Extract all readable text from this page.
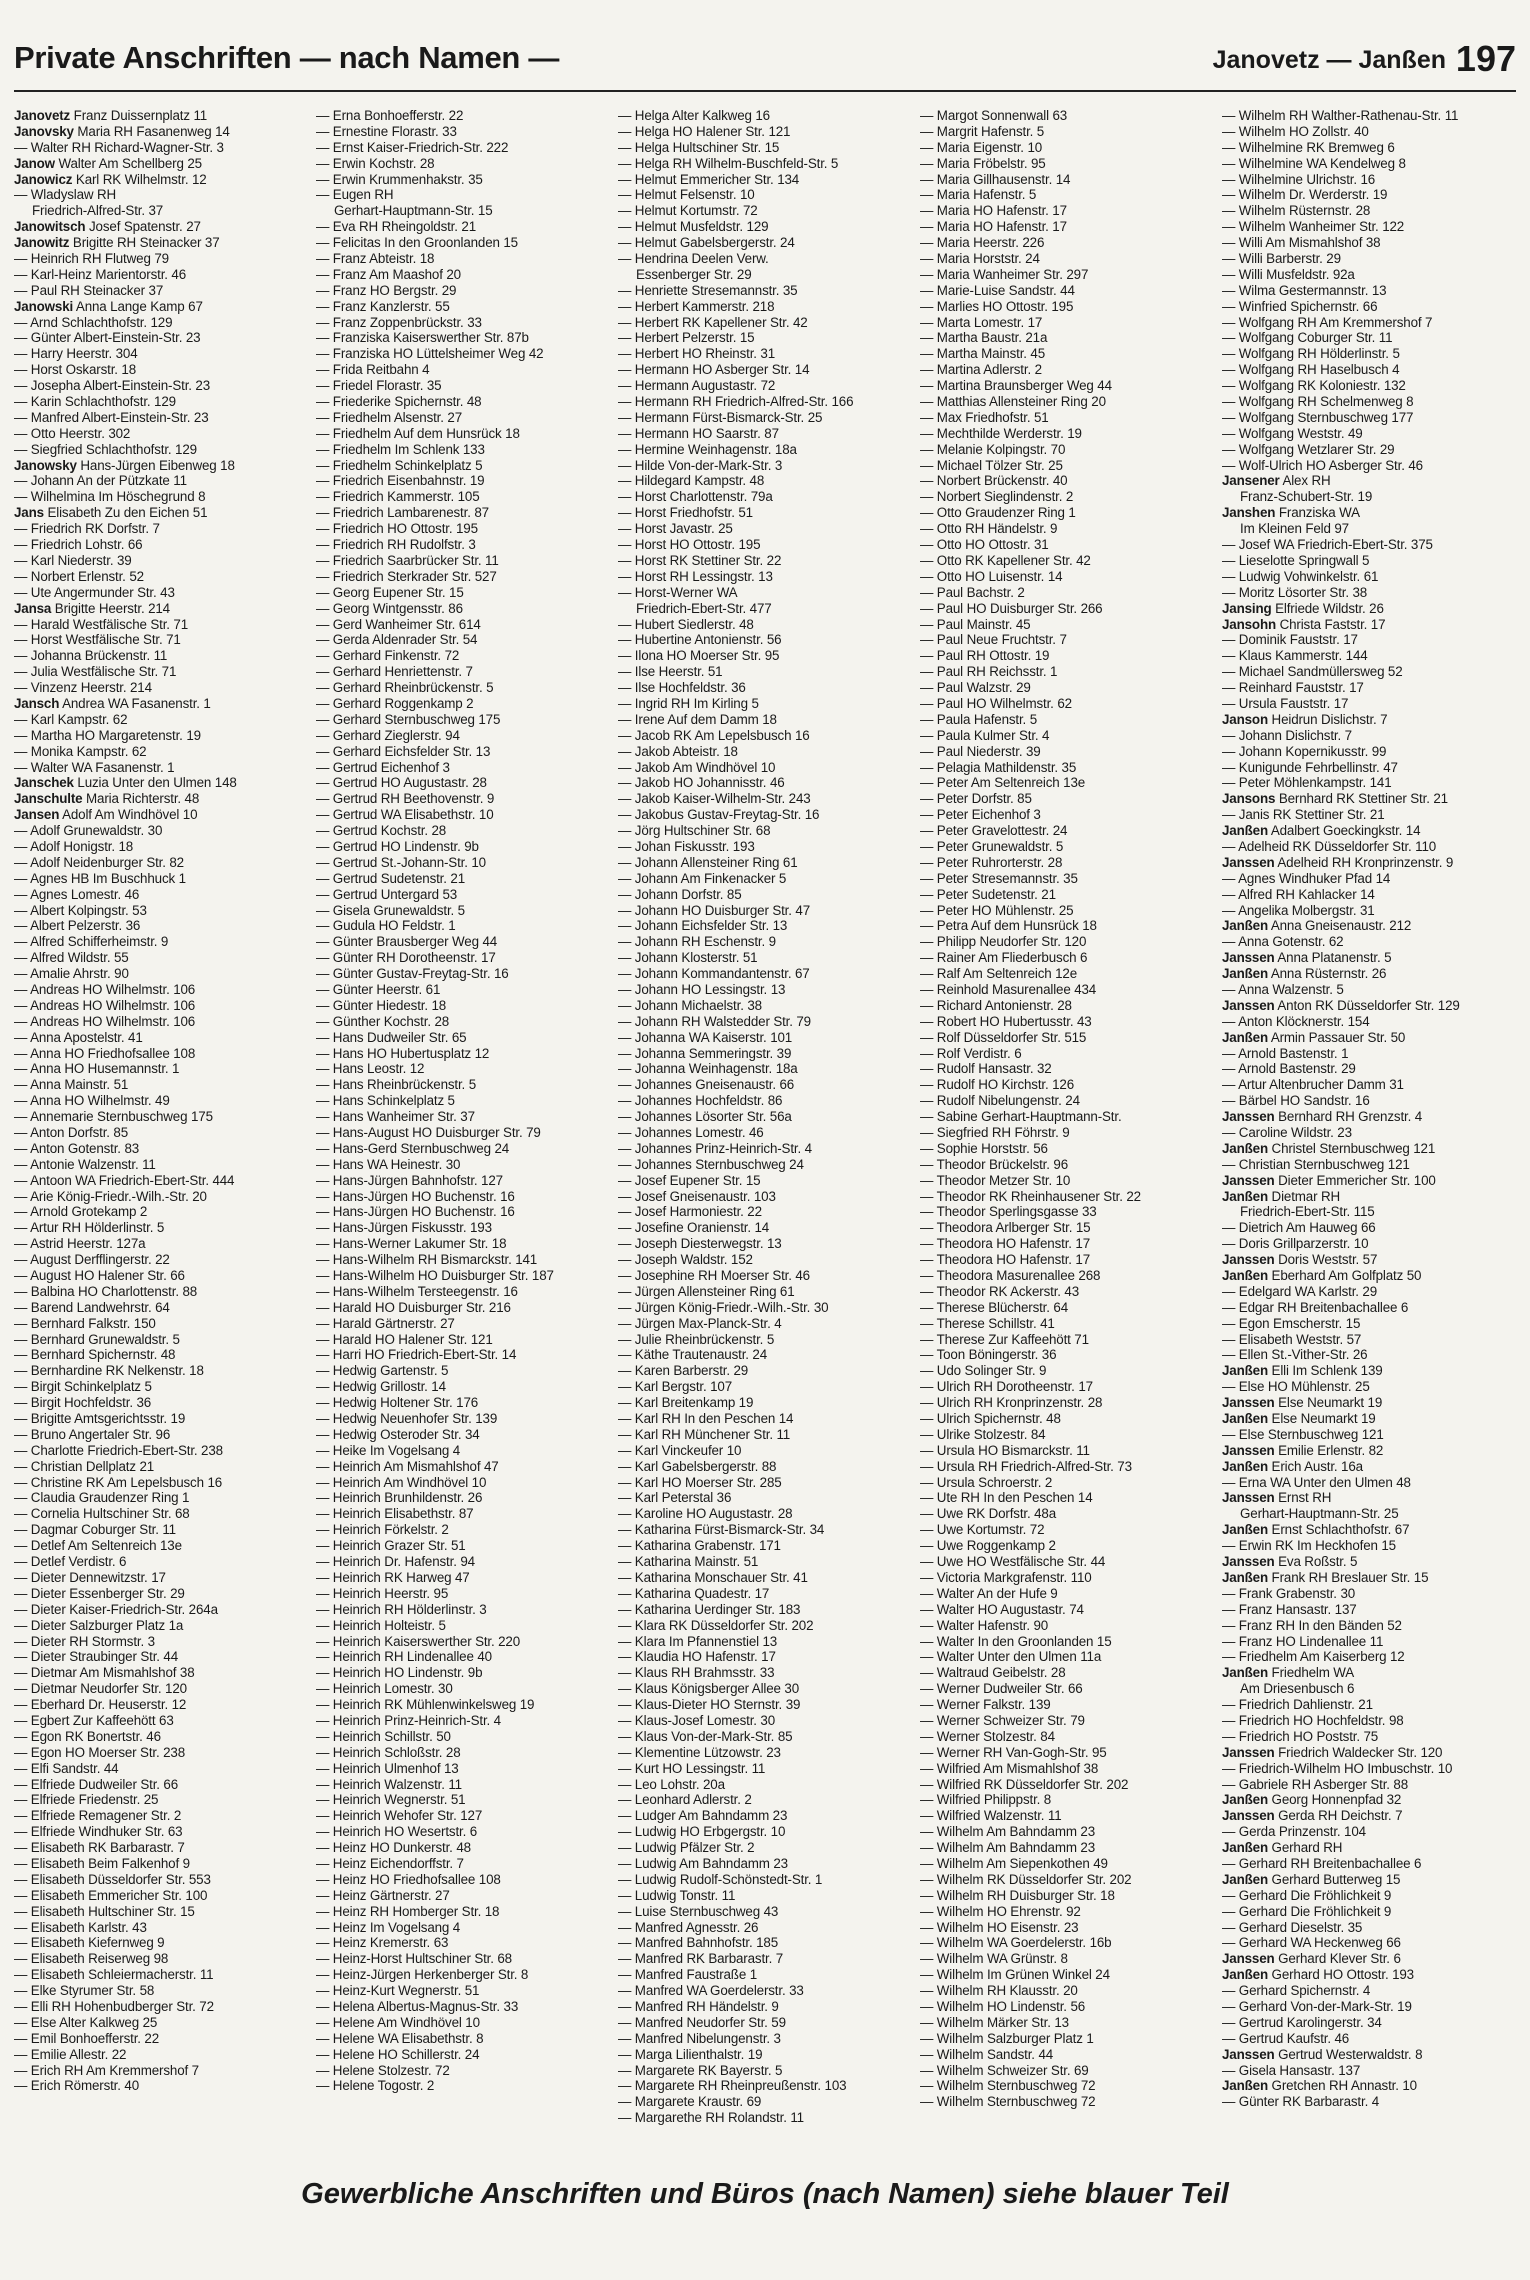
Private Anschriften — nach Namen —	Janovetz — Janßen 197
Janovetz Franz Duissernplatz 11
Janovsky Maria RH Fasanenweg 14
— Walter RH Richard-Wagner-Str. 3
Janow Walter Am Schellberg 25
Janowicz Karl RK Wilhelmstr. 12
— Wladyslaw RH
Friedrich-Alfred-Str. 37
Janowitsch Josef Spatenstr. 27
Janowitz Brigitte RH Steinacker 37
— Heinrich RH Flutweg 79
— Karl-Heinz Marientorstr. 46
— Paul RH Steinacker 37
Janowski Anna Lange Kamp 67
— Arnd Schlachthofstr. 129
— Günter Albert-Einstein-Str. 23
— Harry Heerstr. 304
— Horst Oskarstr. 18
— Josepha Albert-Einstein-Str. 23
— Karin Schlachthofstr. 129
— Manfred Albert-Einstein-Str. 23
— Otto Heerstr. 302
— Siegfried Schlachthofstr. 129
Janowsky Hans-Jürgen Eibenweg 18
— Johann An der Pützkate 11
— Wilhelmina Im Höschegrund 8
Jans Elisabeth Zu den Eichen 51
— Friedrich RK Dorfstr. 7
— Friedrich Lohstr. 66
— Karl Niederstr. 39
— Norbert Erlenstr. 52
— Ute Angermunder Str. 43
Jansa Brigitte Heerstr. 214
— Harald Westfälische Str. 71
— Horst Westfälische Str. 71
— Johanna Brückenstr. 11
— Julia Westfälische Str. 71
— Vinzenz Heerstr. 214
Jansch Andrea WA Fasanenstr. 1
— Karl Kampstr. 62
— Martha HO Margaretenstr. 19
— Monika Kampstr. 62
— Walter WA Fasanenstr. 1
Janschek Luzia Unter den Ulmen 148
Janschulte Maria Richterstr. 48
Jansen Adolf Am Windhövel 10
— Adolf Grunewaldstr. 30
— Adolf Honigstr. 18
— Adolf Neidenburger Str. 82
— Agnes HB Im Buschhuck 1
— Agnes Lomestr. 46
— Albert Kolpingstr. 53
— Albert Pelzerstr. 36
— Alfred Schifferheimstr. 9
— Alfred Wildstr. 55
— Amalie Ahrstr. 90
— Andreas HO Wilhelmstr. 106
— Andreas HO Wilhelmstr. 106
— Andreas HO Wilhelmstr. 106
— Anna Apostelstr. 41
— Anna HO Friedhofsallee 108
— Anna HO Husemannstr. 1
— Anna Mainstr. 51
— Anna HO Wilhelmstr. 49
— Annemarie Sternbuschweg 175
— Anton Dorfstr. 85
— Anton Gotenstr. 83
— Antonie Walzenstr. 11
— Antoon WA Friedrich-Ebert-Str. 444
— Arie König-Friedr.-Wilh.-Str. 20
— Arnold Grotekamp 2
— Artur RH Hölderlinstr. 5
— Astrid Heerstr. 127a
— August Derfflingerstr. 22
— August HO Halener Str. 66
— Balbina HO Charlottenstr. 88
— Barend Landwehrstr. 64
— Bernhard Falkstr. 150
— Bernhard Grunewaldstr. 5
— Bernhard Spichernstr. 48
— Bernhardine RK Nelkenstr. 18
— Birgit Schinkelplatz 5
— Birgit Hochfeldstr. 36
— Brigitte Amtsgerichtsstr. 19
— Bruno Angertaler Str. 96
— Charlotte Friedrich-Ebert-Str. 238
— Christian Dellplatz 21
— Christine RK Am Lepelsbusch 16
— Claudia Graudenzer Ring 1
— Cornelia Hultschiner Str. 68
— Dagmar Coburger Str. 11
— Detlef Am Seltenreich 13e
— Detlef Verdistr. 6
— Dieter Dennewitzstr. 17
— Dieter Essenberger Str. 29
— Dieter Kaiser-Friedrich-Str. 264a
— Dieter Salzburger Platz 1a
— Dieter RH Stormstr. 3
— Dieter Straubinger Str. 44
— Dietmar Am Mismahlshof 38
— Dietmar Neudorfer Str. 120
— Eberhard Dr. Heuserstr. 12
— Egbert Zur Kaffeehött 63
— Egon RK Bonertstr. 46
— Egon HO Moerser Str. 238
— Elfi Sandstr. 44
— Elfriede Dudweiler Str. 66
— Elfriede Friedenstr. 25
— Elfriede Remagener Str. 2
— Elfriede Windhuker Str. 63
— Elisabeth RK Barbarastr. 7
— Elisabeth Beim Falkenhof 9
— Elisabeth Düsseldorfer Str. 553
— Elisabeth Emmericher Str. 100
— Elisabeth Hultschiner Str. 15
— Elisabeth Karlstr. 43
— Elisabeth Kiefernweg 9
— Elisabeth Reiserweg 98
— Elisabeth Schleiermacherstr. 11
— Elke Styrumer Str. 58
— Elli RH Hohenbudberger Str. 72
— Else Alter Kalkweg 25
— Emil Bonhoefferstr. 22
— Emilie Allestr. 22
— Erich RH Am Kremmershof 7
— Erich Römerstr. 40
— Erna Bonhoefferstr. 22
— Ernestine Florastr. 33
— Ernst Kaiser-Friedrich-Str. 222
— Erwin Kochstr. 28
— Erwin Krummenhakstr. 35
— Eugen RH
Gerhart-Hauptmann-Str. 15
— Eva RH Rheingoldstr. 21
— Felicitas In den Groonlanden 15
— Franz Abteistr. 18
— Franz Am Maashof 20
— Franz HO Bergstr. 29
— Franz Kanzlerstr. 55
— Franz Zoppenbrückstr. 33
— Franziska Kaiserswerther Str. 87b
— Franziska HO Lüttelsheimer Weg 42
— Frida Reitbahn 4
— Friedel Florastr. 35
— Friederike Spichernstr. 48
— Friedhelm Alsenstr. 27
— Friedhelm Auf dem Hunsrück 18
— Friedhelm Im Schlenk 133
— Friedhelm Schinkelplatz 5
— Friedrich Eisenbahnstr. 19
— Friedrich Kammerstr. 105
— Friedrich Lambarenestr. 87
— Friedrich HO Ottostr. 195
— Friedrich RH Rudolfstr. 3
— Friedrich Saarbrücker Str. 11
— Friedrich Sterkrader Str. 527
— Georg Eupener Str. 15
— Georg Wintgensstr. 86
— Gerd Wanheimer Str. 614
— Gerda Aldenrader Str. 54
— Gerhard Finkenstr. 72
— Gerhard Henriettenstr. 7
— Gerhard Rheinbrückenstr. 5
— Gerhard Roggenkamp 2
— Gerhard Sternbuschweg 175
— Gerhard Zieglerstr. 94
— Gerhard Eichsfelder Str. 13
— Gertrud Eichenhof 3
— Gertrud HO Augustastr. 28
— Gertrud RH Beethovenstr. 9
— Gertrud WA Elisabethstr. 10
— Gertrud Kochstr. 28
— Gertrud HO Lindenstr. 9b
— Gertrud St.-Johann-Str. 10
— Gertrud Sudetenstr. 21
— Gertrud Untergard 53
— Gisela Grunewaldstr. 5
— Gudula HO Feldstr. 1
— Günter Brausberger Weg 44
— Günter RH Dorotheenstr. 17
— Günter Gustav-Freytag-Str. 16
— Günter Heerstr. 61
— Günter Hiedestr. 18
— Günther Kochstr. 28
— Hans Dudweiler Str. 65
— Hans HO Hubertusplatz 12
— Hans Leostr. 12
— Hans Rheinbrückenstr. 5
— Hans Schinkelplatz 5
— Hans Wanheimer Str. 37
— Hans-August HO Duisburger Str. 79
— Hans-Gerd Sternbuschweg 24
— Hans WA Heinestr. 30
— Hans-Jürgen Bahnhofstr. 127
— Hans-Jürgen HO Buchenstr. 16
— Hans-Jürgen HO Buchenstr. 16
— Hans-Jürgen Fiskusstr. 193
— Hans-Werner Lakumer Str. 18
— Hans-Wilhelm RH Bismarckstr. 141
— Hans-Wilhelm HO Duisburger Str. 187
— Hans-Wilhelm Tersteegenstr. 16
— Harald HO Duisburger Str. 216
— Harald Gärtnerstr. 27
— Harald HO Halener Str. 121
— Harri HO Friedrich-Ebert-Str. 14
— Hedwig Gartenstr. 5
— Hedwig Grillostr. 14
— Hedwig Holtener Str. 176
— Hedwig Neuenhofer Str. 139
— Hedwig Osteroder Str. 34
— Heike Im Vogelsang 4
— Heinrich Am Mismahlshof 47
— Heinrich Am Windhövel 10
— Heinrich Brunhildenstr. 26
— Heinrich Elisabethstr. 87
— Heinrich Förkelstr. 2
— Heinrich Grazer Str. 51
— Heinrich Dr. Hafenstr. 94
— Heinrich RK Harweg 47
— Heinrich Heerstr. 95
— Heinrich RH Hölderlinstr. 3
— Heinrich Holteistr. 5
— Heinrich Kaiserswerther Str. 220
— Heinrich RH Lindenallee 40
— Heinrich HO Lindenstr. 9b
— Heinrich Lomestr. 30
— Heinrich RK Mühlenwinkelsweg 19
— Heinrich Prinz-Heinrich-Str. 4
— Heinrich Schillstr. 50
— Heinrich Schloßstr. 28
— Heinrich Ulmenhof 13
— Heinrich Walzenstr. 11
— Heinrich Wegnerstr. 51
— Heinrich Wehofer Str. 127
— Heinrich HO Wesertstr. 6
— Heinz HO Dunkerstr. 48
— Heinz Eichendorffstr. 7
— Heinz HO Friedhofsallee 108
— Heinz Gärtnerstr. 27
— Heinz RH Homberger Str. 18
— Heinz Im Vogelsang 4
— Heinz Kremerstr. 63
— Heinz-Horst Hultschiner Str. 68
— Heinz-Jürgen Herkenberger Str. 8
— Heinz-Kurt Wegnerstr. 51
— Helena Albertus-Magnus-Str. 33
— Helene Am Windhövel 10
— Helene WA Elisabethstr. 8
— Helene HO Schillerstr. 24
— Helene Stolzestr. 72
— Helene Togostr. 2
— Helga Alter Kalkweg 16
— Helga HO Halener Str. 121
— Helga Hultschiner Str. 15
— Helga RH Wilhelm-Buschfeld-Str. 5
— Helmut Emmericher Str. 134
— Helmut Felsenstr. 10
— Helmut Kortumstr. 72
— Helmut Musfeldstr. 129
— Helmut Gabelsbergerstr. 24
— Hendrina Deelen Verw.
Essenberger Str. 29
— Henriette Stresemannstr. 35
— Herbert Kammerstr. 218
— Herbert RK Kapellener Str. 42
— Herbert Pelzerstr. 15
— Herbert HO Rheinstr. 31
— Hermann HO Asberger Str. 14
— Hermann Augustastr. 72
— Hermann RH Friedrich-Alfred-Str. 166
— Hermann Fürst-Bismarck-Str. 25
— Hermann HO Saarstr. 87
— Hermine Weinhagenstr. 18a
— Hilde Von-der-Mark-Str. 3
— Hildegard Kampstr. 48
— Horst Charlottenstr. 79a
— Horst Friedhofstr. 51
— Horst Javastr. 25
— Horst HO Ottostr. 195
— Horst RK Stettiner Str. 22
— Horst RH Lessingstr. 13
— Horst-Werner WA
Friedrich-Ebert-Str. 477
— Hubert Siedlerstr. 48
— Hubertine Antonienstr. 56
— Ilona HO Moerser Str. 95
— Ilse Heerstr. 51
— Ilse Hochfeldstr. 36
— Ingrid RH Im Kirling 5
— Irene Auf dem Damm 18
— Jacob RK Am Lepelsbusch 16
— Jakob Abteistr. 18
— Jakob Am Windhövel 10
— Jakob HO Johannisstr. 46
— Jakob Kaiser-Wilhelm-Str. 243
— Jakobus Gustav-Freytag-Str. 16
— Jörg Hultschiner Str. 68
— Johan Fiskusstr. 193
— Johann Allensteiner Ring 61
— Johann Am Finkenacker 5
— Johann Dorfstr. 85
— Johann HO Duisburger Str. 47
— Johann Eichsfelder Str. 13
— Johann RH Eschenstr. 9
— Johann Klosterstr. 51
— Johann Kommandantenstr. 67
— Johann HO Lessingstr. 13
— Johann Michaelstr. 38
— Johann RH Walstedder Str. 79
— Johanna WA Kaiserstr. 101
— Johanna Semmeringstr. 39
— Johanna Weinhagenstr. 18a
— Johannes Gneisenaustr. 66
— Johannes Hochfeldstr. 86
— Johannes Lösorter Str. 56a
— Johannes Lomestr. 46
— Johannes Prinz-Heinrich-Str. 4
— Johannes Sternbuschweg 24
— Josef Eupener Str. 15
— Josef Gneisenaustr. 103
— Josef Harmoniestr. 22
— Josefine Oranienstr. 14
— Joseph Diesterwegstr. 13
— Joseph Waldstr. 152
— Josephine RH Moerser Str. 46
— Jürgen Allensteiner Ring 61
— Jürgen König-Friedr.-Wilh.-Str. 30
— Jürgen Max-Planck-Str. 4
— Julie Rheinbrückenstr. 5
— Käthe Trautenaustr. 24
— Karen Barberstr. 29
— Karl Bergstr. 107
— Karl Breitenkamp 19
— Karl RH In den Peschen 14
— Karl RH Münchener Str. 11
— Karl Vinckeufer 10
— Karl Gabelsbergerstr. 88
— Karl HO Moerser Str. 285
— Karl Peterstal 36
— Karoline HO Augustastr. 28
— Katharina Fürst-Bismarck-Str. 34
— Katharina Grabenstr. 171
— Katharina Mainstr. 51
— Katharina Monschauer Str. 41
— Katharina Quadestr. 17
— Katharina Uerdinger Str. 183
— Klara RK Düsseldorfer Str. 202
— Klara Im Pfannenstiel 13
— Klaudia HO Hafenstr. 17
— Klaus RH Brahmsstr. 33
— Klaus Königsberger Allee 30
— Klaus-Dieter HO Sternstr. 39
— Klaus-Josef Lomestr. 30
— Klaus Von-der-Mark-Str. 85
— Klementine Lützowstr. 23
— Kurt HO Lessingstr. 11
— Leo Lohstr. 20a
— Leonhard Adlerstr. 2
— Ludger Am Bahndamm 23
— Ludwig HO Erbgergstr. 10
— Ludwig Pfälzer Str. 2
— Ludwig Am Bahndamm 23
— Ludwig Rudolf-Schönstedt-Str. 1
— Ludwig Tonstr. 11
— Luise Sternbuschweg 43
— Manfred Agnesstr. 26
— Manfred Bahnhofstr. 185
— Manfred RK Barbarastr. 7
— Manfred Faustraße 1
— Manfred WA Goerdelerstr. 33
— Manfred RH Händelstr. 9
— Manfred Neudorfer Str. 59
— Manfred Nibelungenstr. 3
— Marga Lilienthalstr. 19
— Margarete RK Bayerstr. 5
— Margarete RH Rheinpreußenstr. 103
— Margarete Kraustr. 69
— Margarethe RH Rolandstr. 11
— Margot Sonnenwall 63
— Margrit Hafenstr. 5
— Maria Eigenstr. 10
— Maria Fröbelstr. 95
— Maria Gillhausenstr. 14
— Maria Hafenstr. 5
— Maria HO Hafenstr. 17
— Maria HO Hafenstr. 17
— Maria Heerstr. 226
— Maria Horststr. 24
— Maria Wanheimer Str. 297
— Marie-Luise Sandstr. 44
— Marlies HO Ottostr. 195
— Marta Lomestr. 17
— Martha Baustr. 21a
— Martha Mainstr. 45
— Martina Adlerstr. 2
— Martina Braunsberger Weg 44
— Matthias Allensteiner Ring 20
— Max Friedhofstr. 51
— Mechthilde Werderstr. 19
— Melanie Kolpingstr. 70
— Michael Tölzer Str. 25
— Norbert Brückenstr. 40
— Norbert Sieglindenstr. 2
— Otto Graudenzer Ring 1
— Otto RH Händelstr. 9
— Otto HO Ottostr. 31
— Otto RK Kapellener Str. 42
— Otto HO Luisenstr. 14
— Paul Bachstr. 2
— Paul HO Duisburger Str. 266
— Paul Mainstr. 45
— Paul Neue Fruchtstr. 7
— Paul RH Ottostr. 19
— Paul RH Reichsstr. 1
— Paul Walzstr. 29
— Paul HO Wilhelmstr. 62
— Paula Hafenstr. 5
— Paula Kulmer Str. 4
— Paul Niederstr. 39
— Pelagia Mathildenstr. 35
— Peter Am Seltenreich 13e
— Peter Dorfstr. 85
— Peter Eichenhof 3
— Peter Gravelottestr. 24
— Peter Grunewaldstr. 5
— Peter Ruhrorterstr. 28
— Peter Stresemannstr. 35
— Peter Sudetenstr. 21
— Peter HO Mühlenstr. 25
— Petra Auf dem Hunsrück 18
— Philipp Neudorfer Str. 120
— Rainer Am Fliederbusch 6
— Ralf Am Seltenreich 12e
— Reinhold Masurenallee 434
— Richard Antonienstr. 28
— Robert HO Hubertusstr. 43
— Rolf Düsseldorfer Str. 515
— Rolf Verdistr. 6
— Rudolf Hansastr. 32
— Rudolf HO Kirchstr. 126
— Rudolf Nibelungenstr. 24
— Sabine Gerhart-Hauptmann-Str.
— Siegfried RH Föhrstr. 9
— Sophie Horststr. 56
— Theodor Brückelstr. 96
— Theodor Metzer Str. 10
— Theodor RK Rheinhausener Str. 22
— Theodor Sperlingsgasse 33
— Theodora Arlberger Str. 15
— Theodora HO Hafenstr. 17
— Theodora HO Hafenstr. 17
— Theodora Masurenallee 268
— Theodor RK Ackerstr. 43
— Therese Blücherstr. 64
— Therese Schillstr. 41
— Therese Zur Kaffeehött 71
— Toon Böningerstr. 36
— Udo Solinger Str. 9
— Ulrich RH Dorotheenstr. 17
— Ulrich RH Kronprinzenstr. 28
— Ulrich Spichernstr. 48
— Ulrike Stolzestr. 84
— Ursula HO Bismarckstr. 11
— Ursula RH Friedrich-Alfred-Str. 73
— Ursula Schroerstr. 2
— Ute RH In den Peschen 14
— Uwe RK Dorfstr. 48a
— Uwe Kortumstr. 72
— Uwe Roggenkamp 2
— Uwe HO Westfälische Str. 44
— Victoria Markgrafenstr. 110
— Walter An der Hufe 9
— Walter HO Augustastr. 74
— Walter Hafenstr. 90
— Walter In den Groonlanden 15
— Walter Unter den Ulmen 11a
— Waltraud Geibelstr. 28
— Werner Dudweiler Str. 66
— Werner Falkstr. 139
— Werner Schweizer Str. 79
— Werner Stolzestr. 84
— Werner RH Van-Gogh-Str. 95
— Wilfried Am Mismahlshof 38
— Wilfried RK Düsseldorfer Str. 202
— Wilfried Philippstr. 8
— Wilfried Walzenstr. 11
— Wilhelm Am Bahndamm 23
— Wilhelm Am Bahndamm 23
— Wilhelm Am Siepenkothen 49
— Wilhelm RK Düsseldorfer Str. 202
— Wilhelm RH Duisburger Str. 18
— Wilhelm HO Ehrenstr. 92
— Wilhelm HO Eisenstr. 23
— Wilhelm WA Goerdelerstr. 16b
— Wilhelm WA Grünstr. 8
— Wilhelm Im Grünen Winkel 24
— Wilhelm RH Klausstr. 20
— Wilhelm HO Lindenstr. 56
— Wilhelm Märker Str. 13
— Wilhelm Salzburger Platz 1
— Wilhelm Sandstr. 44
— Wilhelm Schweizer Str. 69
— Wilhelm Sternbuschweg 72
— Wilhelm Sternbuschweg 72
— Wilhelm RH Walther-Rathenau-Str. 11
— Wilhelm HO Zollstr. 40
— Wilhelmine RK Bremweg 6
— Wilhelmine WA Kendelweg 8
— Wilhelmine Ulrichstr. 16
— Wilhelm Dr. Werderstr. 19
— Wilhelm Rüsternstr. 28
— Wilhelm Wanheimer Str. 122
— Willi Am Mismahlshof 38
— Willi Barberstr. 29
— Willi Musfeldstr. 92a
— Wilma Gestermannstr. 13
— Winfried Spichernstr. 66
— Wolfgang RH Am Kremmershof 7
— Wolfgang Coburger Str. 11
— Wolfgang RH Hölderlinstr. 5
— Wolfgang RH Haselbusch 4
— Wolfgang RK Koloniestr. 132
— Wolfgang RH Schelmenweg 8
— Wolfgang Sternbuschweg 177
— Wolfgang Weststr. 49
— Wolfgang Wetzlarer Str. 29
— Wolf-Ulrich HO Asberger Str. 46
Jansener Alex RH
Franz-Schubert-Str. 19
Janshen Franziska WA
Im Kleinen Feld 97
— Josef WA Friedrich-Ebert-Str. 375
— Lieselotte Springwall 5
— Ludwig Vohwinkelstr. 61
— Moritz Lösorter Str. 38
Jansing Elfriede Wildstr. 26
Jansohn Christa Faststr. 17
— Dominik Fauststr. 17
— Klaus Kammerstr. 144
— Michael Sandmüllersweg 52
— Reinhard Fauststr. 17
— Ursula Fauststr. 17
Janson Heidrun Dislichstr. 7
— Johann Dislichstr. 7
— Johann Kopernikusstr. 99
— Kunigunde Fehrbellinstr. 47
— Peter Möhlenkampstr. 141
Jansons Bernhard RK Stettiner Str. 21
— Janis RK Stettiner Str. 21
Janßen Adalbert Goeckingkstr. 14
— Adelheid RK Düsseldorfer Str. 110
Janssen Adelheid RH Kronprinzenstr. 9
— Agnes Windhuker Pfad 14
— Alfred RH Kahlacker 14
— Angelika Molbergstr. 31
Janßen Anna Gneisenaustr. 212
— Anna Gotenstr. 62
Janssen Anna Platanenstr. 5
Janßen Anna Rüsternstr. 26
— Anna Walzenstr. 5
Janssen Anton RK Düsseldorfer Str. 129
— Anton Klöcknerstr. 154
Janßen Armin Passauer Str. 50
— Arnold Bastenstr. 1
— Arnold Bastenstr. 29
— Artur Altenbrucher Damm 31
— Bärbel HO Sandstr. 16
Janssen Bernhard RH Grenzstr. 4
— Caroline Wildstr. 23
Janßen Christel Sternbuschweg 121
— Christian Sternbuschweg 121
Janssen Dieter Emmericher Str. 100
Janßen Dietmar RH
Friedrich-Ebert-Str. 115
— Dietrich Am Hauweg 66
— Doris Grillparzerstr. 10
Janssen Doris Weststr. 57
Janßen Eberhard Am Golfplatz 50
— Edelgard WA Karlstr. 29
— Edgar RH Breitenbachallee 6
— Egon Emscherstr. 15
— Elisabeth Weststr. 57
— Ellen St.-Vither-Str. 26
Janßen Elli Im Schlenk 139
— Else HO Mühlenstr. 25
Janssen Else Neumarkt 19
Janßen Else Neumarkt 19
— Else Sternbuschweg 121
Janssen Emilie Erlenstr. 82
Janßen Erich Austr. 16a
— Erna WA Unter den Ulmen 48
Janssen Ernst RH
Gerhart-Hauptmann-Str. 25
Janßen Ernst Schlachthofstr. 67
— Erwin RK Im Heckhofen 15
Janssen Eva Roßstr. 5
Janßen Frank RH Breslauer Str. 15
— Frank Grabenstr. 30
— Franz Hansastr. 137
— Franz RH In den Bänden 52
— Franz HO Lindenallee 11
— Friedhelm Am Kaiserberg 12
Janßen Friedhelm WA
Am Driesenbusch 6
— Friedrich Dahlienstr. 21
— Friedrich HO Hochfeldstr. 98
— Friedrich HO Poststr. 75
Janssen Friedrich Waldecker Str. 120
— Friedrich-Wilhelm HO Imbuschstr. 10
— Gabriele RH Asberger Str. 88
Janßen Georg Honnenpfad 32
Janssen Gerda RH Deichstr. 7
— Gerda Prinzenstr. 104
Janßen Gerhard RH
— Gerhard RH Breitenbachallee 6
Janßen Gerhard Butterweg 15
— Gerhard Die Fröhlichkeit 9
— Gerhard Die Fröhlichkeit 9
— Gerhard Dieselstr. 35
— Gerhard WA Heckenweg 66
Janssen Gerhard Klever Str. 6
Janßen Gerhard HO Ottostr. 193
— Gerhard Spichernstr. 4
— Gerhard Von-der-Mark-Str. 19
— Gertrud Karolingerstr. 34
— Gertrud Kaufstr. 46
Janssen Gertrud Westerwaldstr. 8
— Gisela Hansastr. 137
Janßen Gretchen RH Annastr. 10
— Günter RK Barbarastr. 4
Gewerbliche Anschriften und Büros (nach Namen) siehe blauer Teil
